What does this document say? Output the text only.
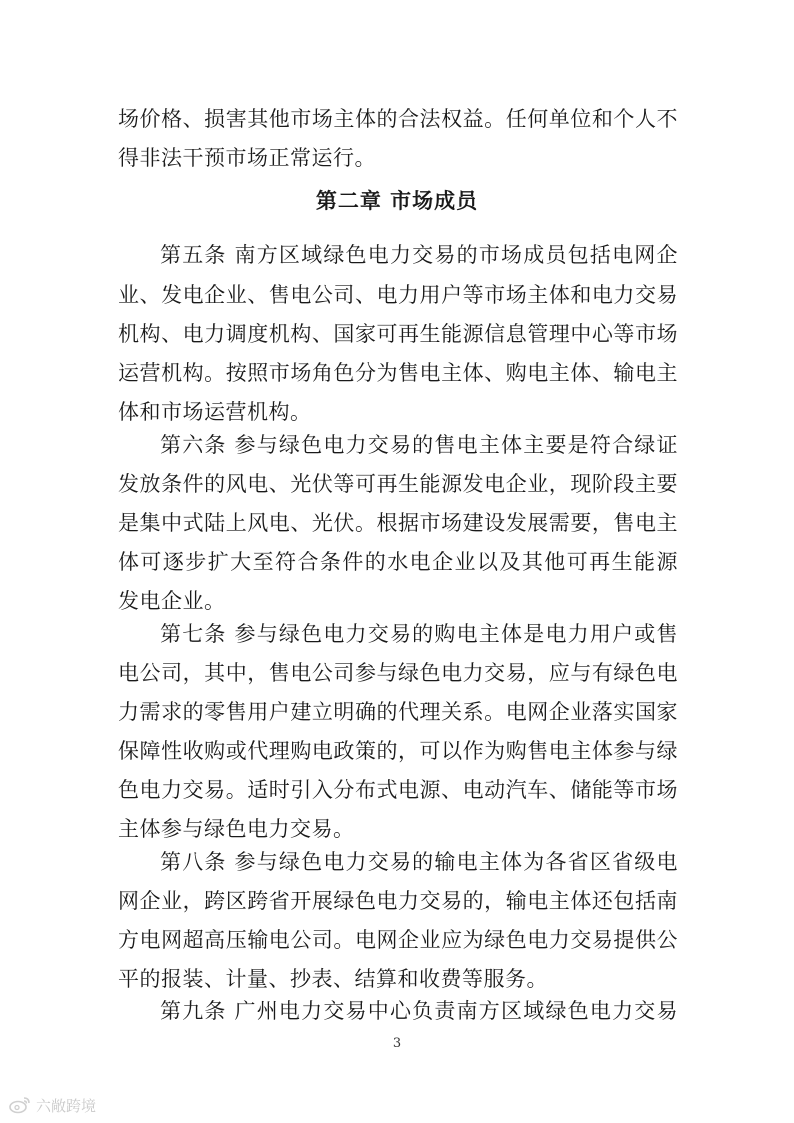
场价格、损害其他市场主体的合法权益。任何单位和个人不
得非法干预市场正常运行。
第二章 市场成员
第五条 南方区域绿色电力交易的市场成员包括电网企
业、发电企业、售电公司、电力用户等市场主体和电力交易
机构、电力调度机构、国家可再生能源信息管理中心等市场
运营机构。按照市场角色分为售电主体、购电主体、输电主
体和市场运营机构。
第六条 参与绿色电力交易的售电主体主要是符合绿证
发放条件的风电、光伏等可再生能源发电企业，现阶段主要
是集中式陆上风电、光伏。根据市场建设发展需要，售电主
体可逐步扩大至符合条件的水电企业以及其他可再生能源
发电企业。
第七条 参与绿色电力交易的购电主体是电力用户或售
电公司，其中，售电公司参与绿色电力交易，应与有绿色电
力需求的零售用户建立明确的代理关系。电网企业落实国家
保障性收购或代理购电政策的，可以作为购售电主体参与绿
色电力交易。适时引入分布式电源、电动汽车、储能等市场
主体参与绿色电力交易。
第八条 参与绿色电力交易的输电主体为各省区省级电
网企业，跨区跨省开展绿色电力交易的，输电主体还包括南
方电网超高压输电公司。电网企业应为绿色电力交易提供公
平的报装、计量、抄表、结算和收费等服务。
第九条 广州电力交易中心负责南方区域绿色电力交易
3
六敞跨境
